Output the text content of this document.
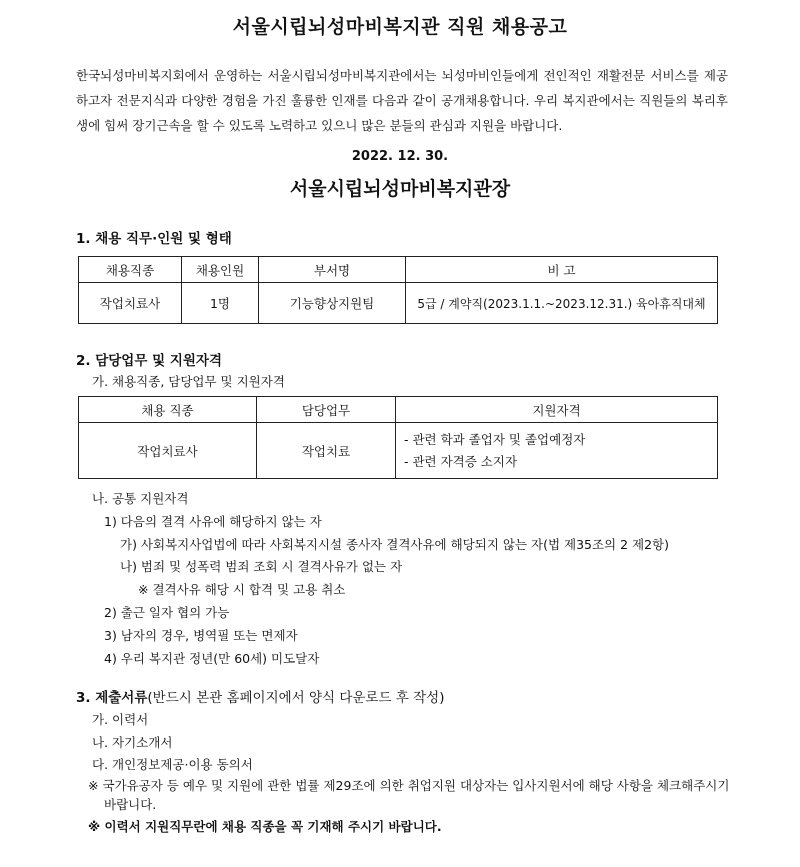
서울시립뇌성마비복지관 직원 채용공고
한국뇌성마비복지회에서 운영하는 서울시립뇌성마비복지관에서는 뇌성마비인들에게 전인적인 재활전문 서비스를 제공하고자 전문지식과 다양한 경험을 가진 훌륭한 인재를 다음과 같이 공개채용합니다. 우리 복지관에서는 직원들의 복리후생에 힘써 장기근속을 할 수 있도록 노력하고 있으니 많은 분들의 관심과 지원을 바랍니다.
2022. 12. 30.
서울시립뇌성마비복지관장
1. 채용 직무·인원 및 형태
채용직종	채용인원	부서명	비 고
작업치료사	1명	기능향상지원팀	5급 / 계약직(2023.1.1.~2023.12.31.) 육아휴직대체
2. 담당업무 및 지원자격
가. 채용직종, 담당업무 및 지원자격
채용 직종	담당업무	지원자격
작업치료사	작업치료	- 관련 학과 졸업자 및 졸업예정자
- 관련 자격증 소지자
나. 공통 지원자격
1) 다음의 결격 사유에 해당하지 않는 자
가) 사회복지사업법에 따라 사회복지시설 종사자 결격사유에 해당되지 않는 자(법 제35조의 2 제2항)
나) 범죄 및 성폭력 범죄 조회 시 결격사유가 없는 자
※ 결격사유 해당 시 합격 및 고용 취소
2) 출근 일자 협의 가능
3) 남자의 경우, 병역필 또는 면제자
4) 우리 복지관 정년(만 60세) 미도달자
3. 제출서류(반드시 본관 홈페이지에서 양식 다운로드 후 작성)
가. 이력서
나. 자기소개서
다. 개인정보제공·이용 동의서
※ 국가유공자 등 예우 및 지원에 관한 법률 제29조에 의한 취업지원 대상자는 입사지원서에 해당 사항을 체크해주시기 바랍니다.
※ 이력서 지원직무란에 채용 직종을 꼭 기재해 주시기 바랍니다.
